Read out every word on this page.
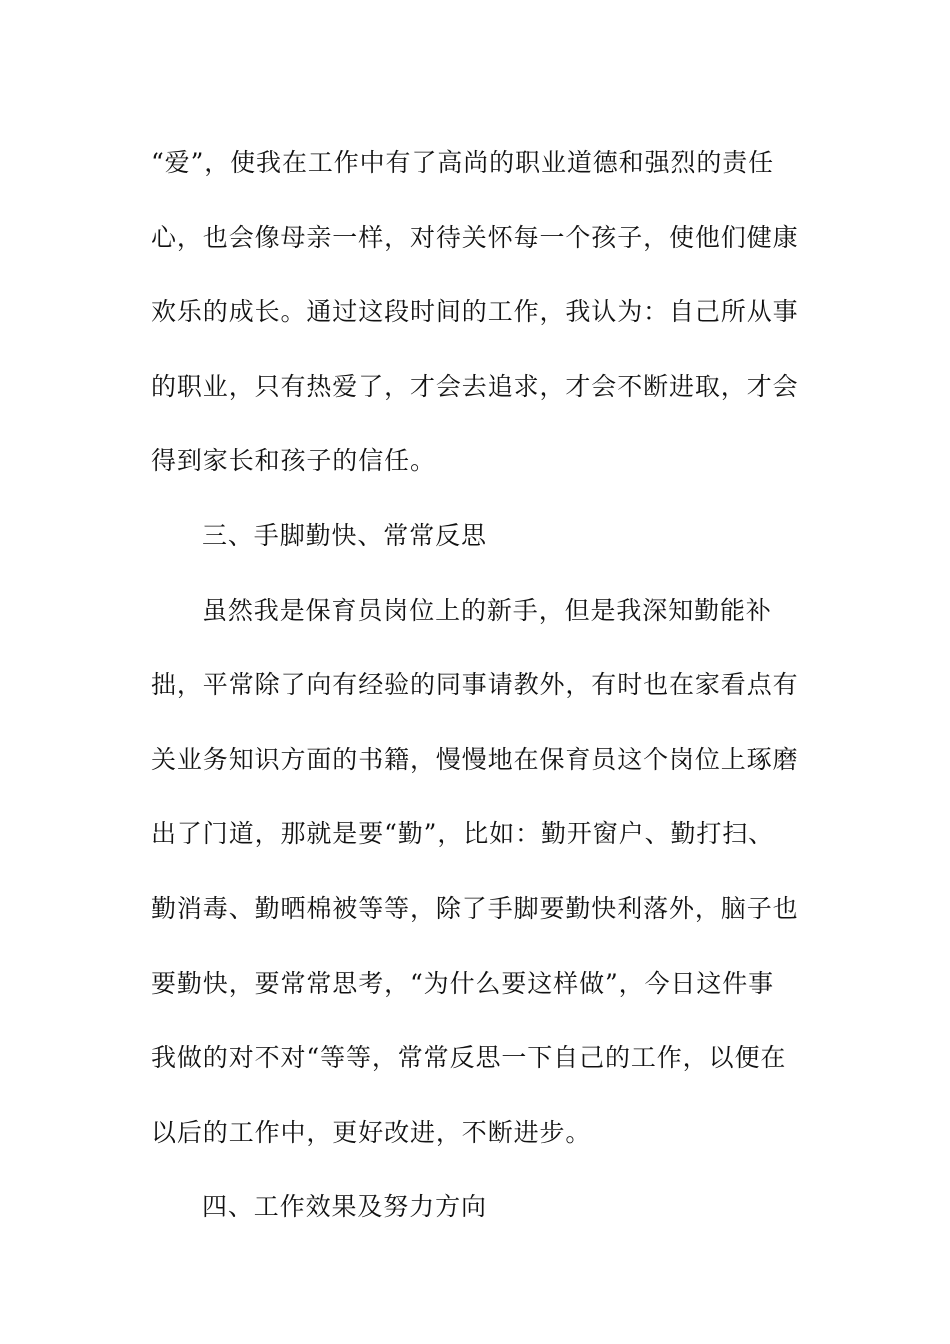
“爱”，使我在工作中有了高尚的职业道德和强烈的责任
心，也会像母亲一样，对待关怀每一个孩子，使他们健康
欢乐的成长。通过这段时间的工作，我认为：自己所从事
的职业，只有热爱了，才会去追求，才会不断进取，才会
得到家长和孩子的信任。
三、手脚勤快、常常反思
虽然我是保育员岗位上的新手，但是我深知勤能补
拙，平常除了向有经验的同事请教外，有时也在家看点有
关业务知识方面的书籍，慢慢地在保育员这个岗位上琢磨
出了门道，那就是要“勤”，比如：勤开窗户、勤打扫、
勤消毒、勤晒棉被等等，除了手脚要勤快利落外，脑子也
要勤快，要常常思考，“为什么要这样做”，今日这件事
我做的对不对“等等，常常反思一下自己的工作，以便在
以后的工作中，更好改进，不断进步。
四、工作效果及努力方向
